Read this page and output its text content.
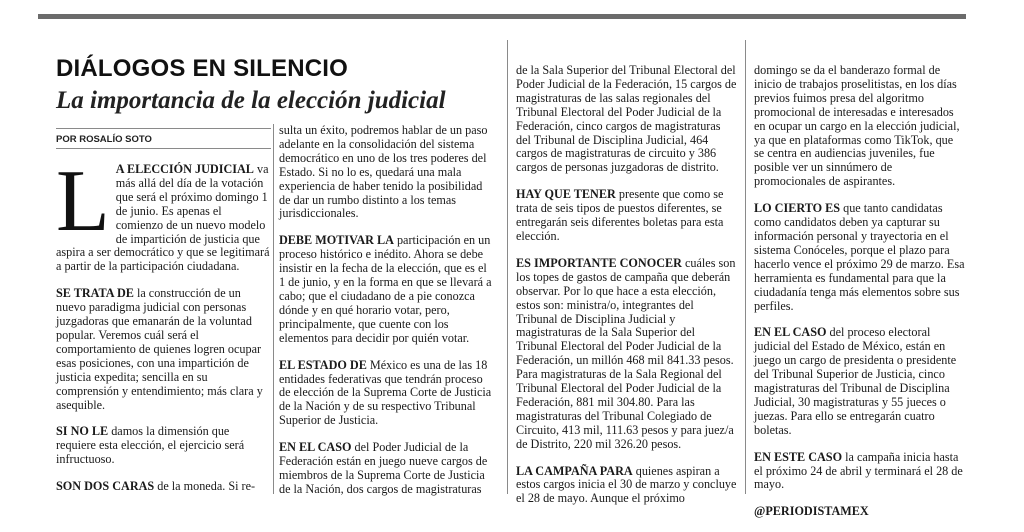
DIÁLOGOS EN SILENCIO
La importancia de la elección judicial
POR ROSALÍO SOTO

L A ELECCIÓN JUDICIAL va más allá del día de la votación que será el próximo domingo 1 de junio. Es apenas el comienzo de un nuevo modelo de impartición de justicia que aspira a ser democrático y que se legitimará a partir de la participación ciudadana.

SE TRATA DE la construcción de un nuevo paradigma judicial con personas juzgadoras que emanarán de la voluntad popular. Veremos cuál será el comportamiento de quienes logren ocupar esas posiciones, con una impartición de justicia expedita; sencilla en su comprensión y entendimiento; más clara y asequible.

SI NO LE damos la dimensión que requiere esta elección, el ejercicio será infructuoso.

SON DOS CARAS de la moneda. Si re-

sulta un éxito, podremos hablar de un paso adelante en la consolidación del sistema democrático en uno de los tres poderes del Estado. Si no lo es, quedará una mala experiencia de haber tenido la posibilidad de dar un rumbo distinto a los temas jurisdiccionales.

DEBE MOTIVAR LA participación en un proceso histórico e inédito. Ahora se debe insistir en la fecha de la elección, que es el 1 de junio, y en la forma en que se llevará a cabo; que el ciudadano de a pie conozca dónde y en qué horario votar, pero, principalmente, que cuente con los elementos para decidir por quién votar.

EL ESTADO DE México es una de las 18 entidades federativas que tendrán proceso de elección de la Suprema Corte de Justicia de la Nación y de su respectivo Tribunal Superior de Justicia.

EN EL CASO del Poder Judicial de la Federación están en juego nueve cargos de miembros de la Suprema Corte de Justicia de la Nación, dos cargos de magistraturas

de la Sala Superior del Tribunal Electoral del Poder Judicial de la Federación, 15 cargos de magistraturas de las salas regionales del Tribunal Electoral del Poder Judicial de la Federación, cinco cargos de magistraturas del Tribunal de Disciplina Judicial, 464 cargos de magistraturas de circuito y 386 cargos de personas juzgadoras de distrito.

HAY QUE TENER presente que como se trata de seis tipos de puestos diferentes, se entregarán seis diferentes boletas para esta elección.

ES IMPORTANTE CONOCER cuáles son los topes de gastos de campaña que deberán observar. Por lo que hace a esta elección, estos son: ministra/o, integrantes del Tribunal de Disciplina Judicial y magistraturas de la Sala Superior del Tribunal Electoral del Poder Judicial de la Federación, un millón 468 mil 841.33 pesos. Para magistraturas de la Sala Regional del Tribunal Electoral del Poder Judicial de la Federación, 881 mil 304.80. Para las magistraturas del Tribunal Colegiado de Circuito, 413 mil, 111.63 pesos y para juez/a de Distrito, 220 mil 326.20 pesos.

LA CAMPAÑA PARA quienes aspiran a estos cargos inicia el 30 de marzo y concluye el 28 de mayo. Aunque el próximo

domingo se da el banderazo formal de inicio de trabajos proselitistas, en los días previos fuimos presa del algoritmo promocional de interesadas e interesados en ocupar un cargo en la elección judicial, ya que en plataformas como TikTok, que se centra en audiencias juveniles, fue posible ver un sinnúmero de promocionales de aspirantes.

LO CIERTO ES que tanto candidatas como candidatos deben ya capturar su información personal y trayectoria en el sistema Conóceles, porque el plazo para hacerlo vence el próximo 29 de marzo. Esa herramienta es fundamental para que la ciudadanía tenga más elementos sobre sus perfiles.

EN EL CASO del proceso electoral judicial del Estado de México, están en juego un cargo de presidenta o presidente del Tribunal Superior de Justicia, cinco magistraturas del Tribunal de Disciplina Judicial, 30 magistraturas y 55 jueces o juezas. Para ello se entregarán cuatro boletas.

EN ESTE CASO la campaña inicia hasta el próximo 24 de abril y terminará el 28 de mayo.

@PERIODISTAMEX
